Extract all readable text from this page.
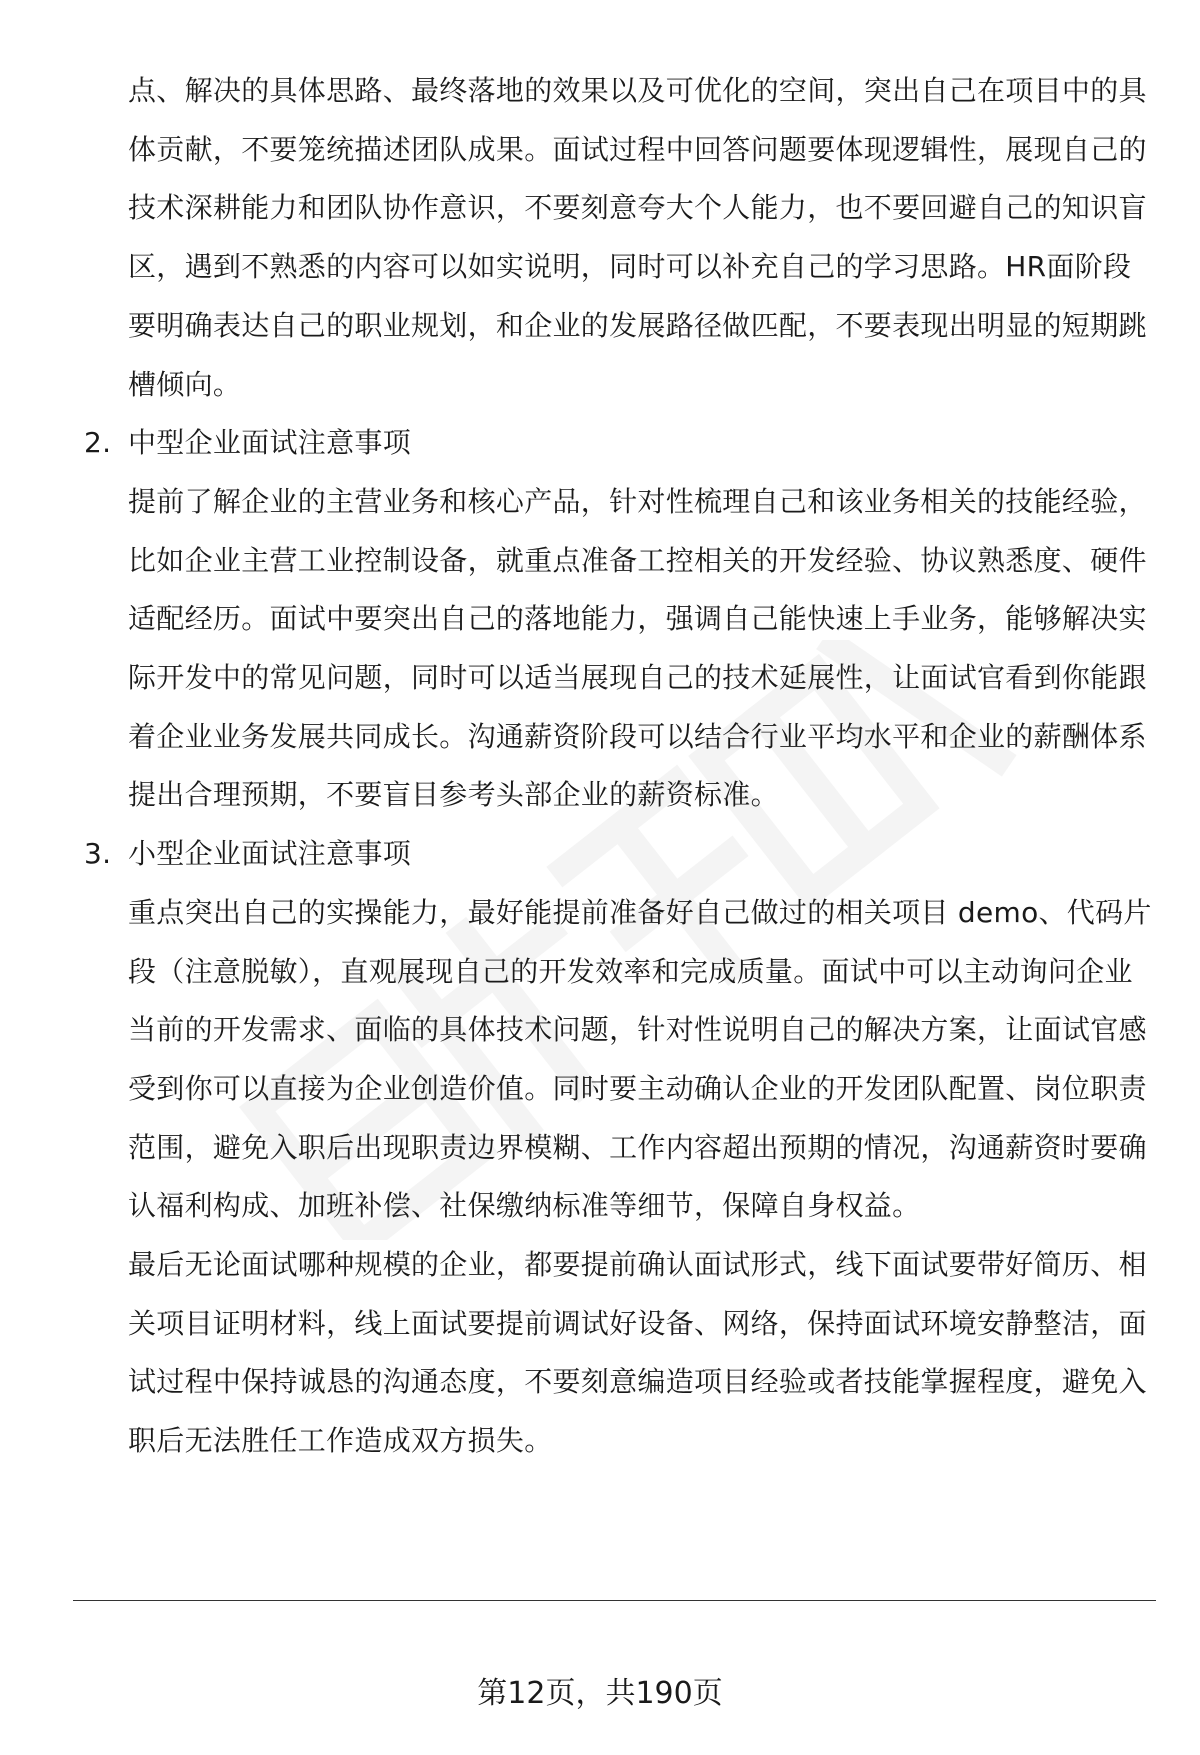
点、解决的具体思路、最终落地的效果以及可优化的空间，突出自己在项目中的具体贡献，不要笼统描述团队成果。面试过程中回答问题要体现逻辑性，展现自己的技术深耕能力和团队协作意识，不要刻意夸大个人能力，也不要回避自己的知识盲区，遇到不熟悉的内容可以如实说明，同时可以补充自己的学习思路。HR面阶段要明确表达自己的职业规划，和企业的发展路径做匹配，不要表现出明显的短期跳槽倾向。

2. 中型企业面试注意事项

提前了解企业的主营业务和核心产品，针对性梳理自己和该业务相关的技能经验，比如企业主营工业控制设备，就重点准备工控相关的开发经验、协议熟悉度、硬件适配经历。面试中要突出自己的落地能力，强调自己能快速上手业务，能够解决实际开发中的常见问题，同时可以适当展现自己的技术延展性，让面试官看到你能跟着企业业务发展共同成长。沟通薪资阶段可以结合行业平均水平和企业的薪酬体系提出合理预期，不要盲目参考头部企业的薪资标准。

3. 小型企业面试注意事项

重点突出自己的实操能力，最好能提前准备好自己做过的相关项目 demo、代码片段（注意脱敏），直观展现自己的开发效率和完成质量。面试中可以主动询问企业当前的开发需求、面临的具体技术问题，针对性说明自己的解决方案，让面试官感受到你可以直接为企业创造价值。同时要主动确认企业的开发团队配置、岗位职责范围，避免入职后出现职责边界模糊、工作内容超出预期的情况，沟通薪资时要确认福利构成、加班补偿、社保缴纳标准等细节，保障自身权益。

最后无论面试哪种规模的企业，都要提前确认面试形式，线下面试要带好简历、相关项目证明材料，线上面试要提前调试好设备、网络，保持面试环境安静整洁，面试过程中保持诚恳的沟通态度，不要刻意编造项目经验或者技能掌握程度，避免入职后无法胜任工作造成双方损失。

第12页，共190页
